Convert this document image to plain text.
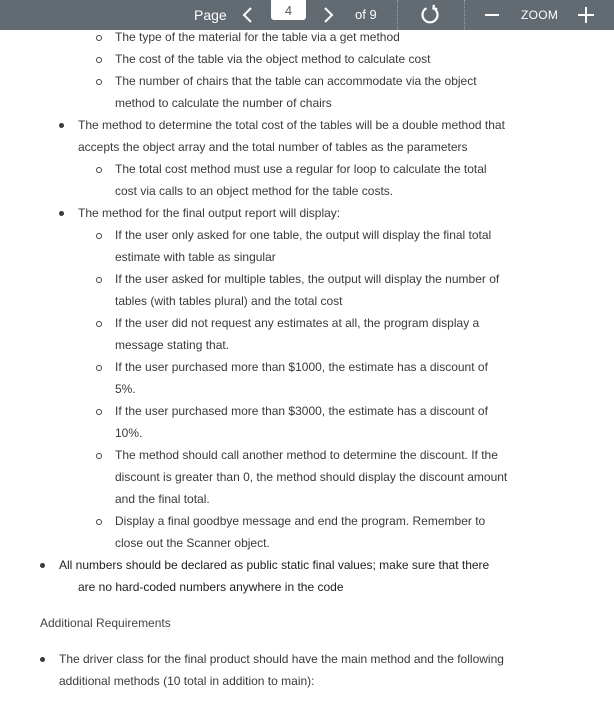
Page
4	of 9	ZOOM
The type of the material for the table via a get method
The cost of the table via the object method to calculate cost
The number of chairs that the table can accommodate via the object
method to calculate the number of chairs
The method to determine the total cost of the tables will be a double method that
accepts the object array and the total number of tables as the parameters
The total cost method must use a regular for loop to calculate the total
cost via calls to an object method for the table costs.
The method for the final output report will display:
If the user only asked for one table, the output will display the final total
estimate with table as singular
If the user asked for multiple tables, the output will display the number of
tables (with tables plural) and the total cost
If the user did not request any estimates at all, the program display a
message stating that.
If the user purchased more than $1000, the estimate has a discount of
5%.
If the user purchased more than $3000, the estimate has a discount of
10%.
The method should call another method to determine the discount. If the
discount is greater than 0, the method should display the discount amount
and the final total.
Display a final goodbye message and end the program. Remember to
close out the Scanner object.
All numbers should be declared as public static final values; make sure that there
are no hard-coded numbers anywhere in the code
Additional Requirements
The driver class for the final product should have the main method and the following
additional methods (10 total in addition to main):
